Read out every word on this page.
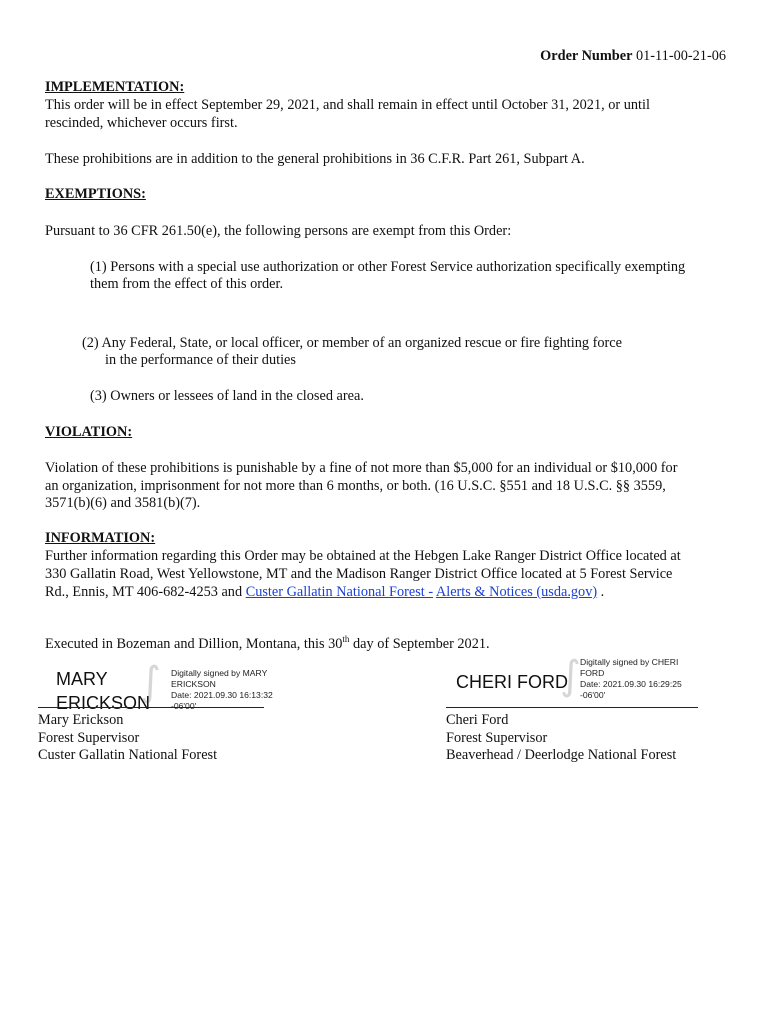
Order Number 01-11-00-21-06
IMPLEMENTATION:
This order will be in effect September 29, 2021, and shall remain in effect until October 31, 2021, or until
rescinded, whichever occurs first.
These prohibitions are in addition to the general prohibitions in 36 C.F.R. Part 261, Subpart A.
EXEMPTIONS:
Pursuant to 36 CFR 261.50(e), the following persons are exempt from this Order:
(1) Persons with a special use authorization or other Forest Service authorization specifically exempting
them from the effect of this order.
(2) Any Federal, State, or local officer, or member of an organized rescue or fire fighting force
in the performance of their duties
(3) Owners or lessees of land in the closed area.
VIOLATION:
Violation of these prohibitions is punishable by a fine of not more than $5,000 for an individual or $10,000 for
an organization, imprisonment for not more than 6 months, or both. (16 U.S.C. §551 and 18 U.S.C. §§ 3559,
3571(b)(6) and 3581(b)(7).
INFORMATION:
Further information regarding this Order may be obtained at the Hebgen Lake Ranger District Office located at
330 Gallatin Road, West Yellowstone, MT and the Madison Ranger District Office located at 5 Forest Service
Rd., Ennis, MT 406-682-4253 and Custer Gallatin National Forest - Alerts & Notices (usda.gov) .
Executed in Bozeman and Dillion, Montana, this 30th day of September 2021.
∫
MARY
ERICKSON
Digitally signed by MARY
ERICKSON
Date: 2021.09.30 16:13:32
-06'00'
Mary Erickson
Forest Supervisor
Custer Gallatin National Forest
∫
CHERI FORD
Digitally signed by CHERI
FORD
Date: 2021.09.30 16:29:25
-06'00'
Cheri Ford
Forest Supervisor
Beaverhead / Deerlodge National Forest
